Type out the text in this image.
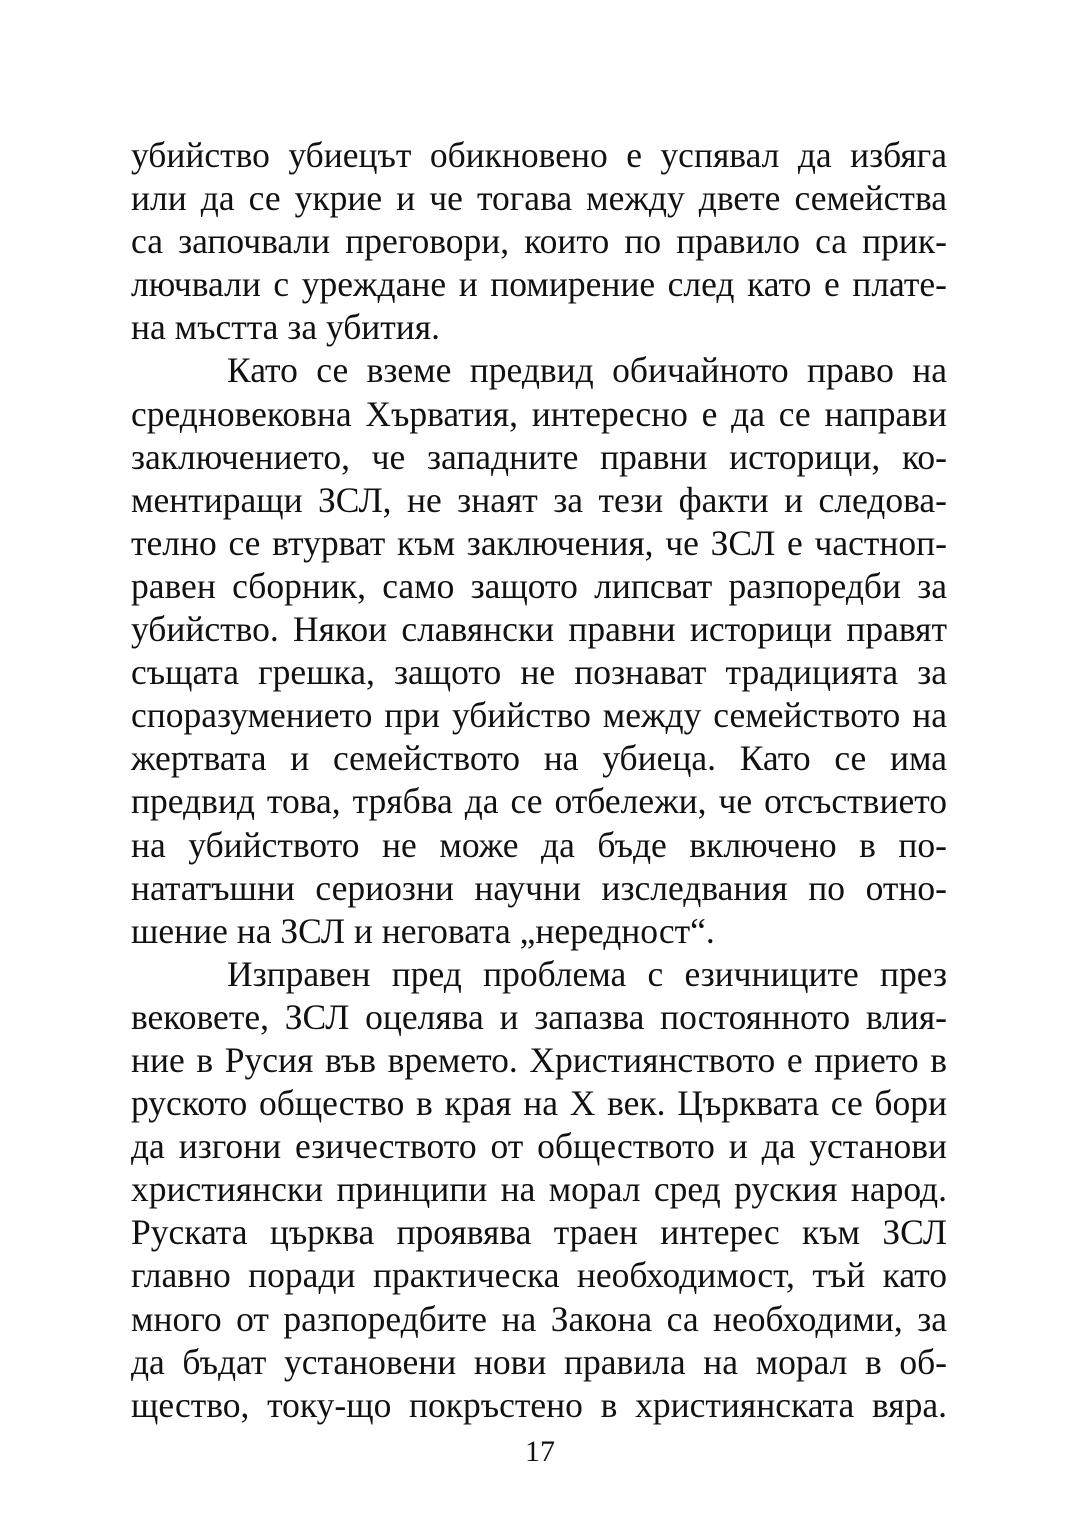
убийство убиецът обикновено е успявал да избяга
или да се укрие и че тогава между двете семейства
са започвали преговори, които по правило са прик-
лючвали с уреждане и помирение след като е плате-
на мъстта за убития.
Като се вземе предвид обичайното право на
средновековна Хърватия, интересно е да се направи
заключението, че западните правни историци, ко-
ментиращи ЗСЛ, не знаят за тези факти и следова-
телно се втурват към заключения, че ЗСЛ е частноп-
равен сборник, само защото липсват разпоредби за
убийство. Някои славянски правни историци правят
същата грешка, защото не познават традицията за
споразумението при убийство между семейството на
жертвата и семейството на убиеца. Като се има
предвид това, трябва да се отбележи, че отсъствието
на убийството не може да бъде включено в по-
нататъшни сериозни научни изследвания по отно-
шение на ЗСЛ и неговата „нередност“.
Изправен пред проблема с езичниците през
вековете, ЗСЛ оцелява и запазва постоянното влия-
ние в Русия във времето. Християнството е прието в
руското общество в края на X век. Църквата се бори
да изгони езичеството от обществото и да установи
християнски принципи на морал сред руския народ.
Руската църква проявява траен интерес към ЗСЛ
главно поради практическа необходимост, тъй като
много от разпоредбите на Закона са необходими, за
да бъдат установени нови правила на морал в об-
щество, току-що покръстено в християнската вяра.
17
